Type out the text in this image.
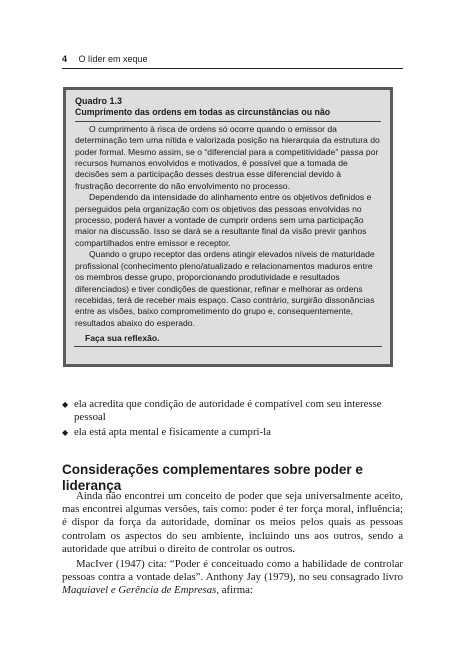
4 O líder em xeque
Quadro 1.3
Cumprimento das ordens em todas as circunstâncias ou não

O cumprimento à risca de ordens só ocorre quando o emissor da determinação tem uma nítida e valorizada posição na hierarquia da estrutura do poder formal. Mesmo assim, se o “diferencial para a competitividade” passa por recursos humanos envolvidos e motivados, é possível que a tomada de decisões sem a participação desses destrua esse diferencial devido à frustração decorrente do não envolvimento no processo.

Dependendo da intensidade do alinhamento entre os objetivos definidos e perseguidos pela organização com os objetivos das pessoas envolvidas no processo, poderá haver a vontade de cumprir ordens sem uma participação maior na discussão. Isso se dará se a resultante final da visão previr ganhos compartilhados entre emissor e receptor.

Quando o grupo receptor das ordens atingir elevados níveis de maturidade profissional (conhecimento pleno/atualizado e relacionamentos maduros entre os membros desse grupo, proporcionando produtividade e resultados diferenciados) e tiver condições de questionar, refinar e melhorar as ordens recebidas, terá de receber mais espaço. Caso contrário, surgirão dissonâncias entre as visões, baixo comprometimento do grupo e, consequentemente, resultados abaixo do esperado.

Faça sua reflexão.
◆ ela acredita que condição de autoridade é compatível com seu interesse pessoal
◆ ela está apta mental e fisicamente a cumpri-la
Considerações complementares sobre poder e liderança

Ainda não encontrei um conceito de poder que seja universalmente aceito, mas encontrei algumas versões, tais como: poder é ter força moral, influência; é dispor da força da autoridade, dominar os meios pelos quais as pessoas controlam os aspectos do seu ambiente, incluindo uns aos outros, sendo a autoridade que atribui o direito de controlar os outros.

MacIver (1947) cita: “Poder é conceituado como a habilidade de controlar pessoas contra a vontade delas”. Anthony Jay (1979), no seu consagrado livro Maquiavel e Gerência de Empresas, afirma:
